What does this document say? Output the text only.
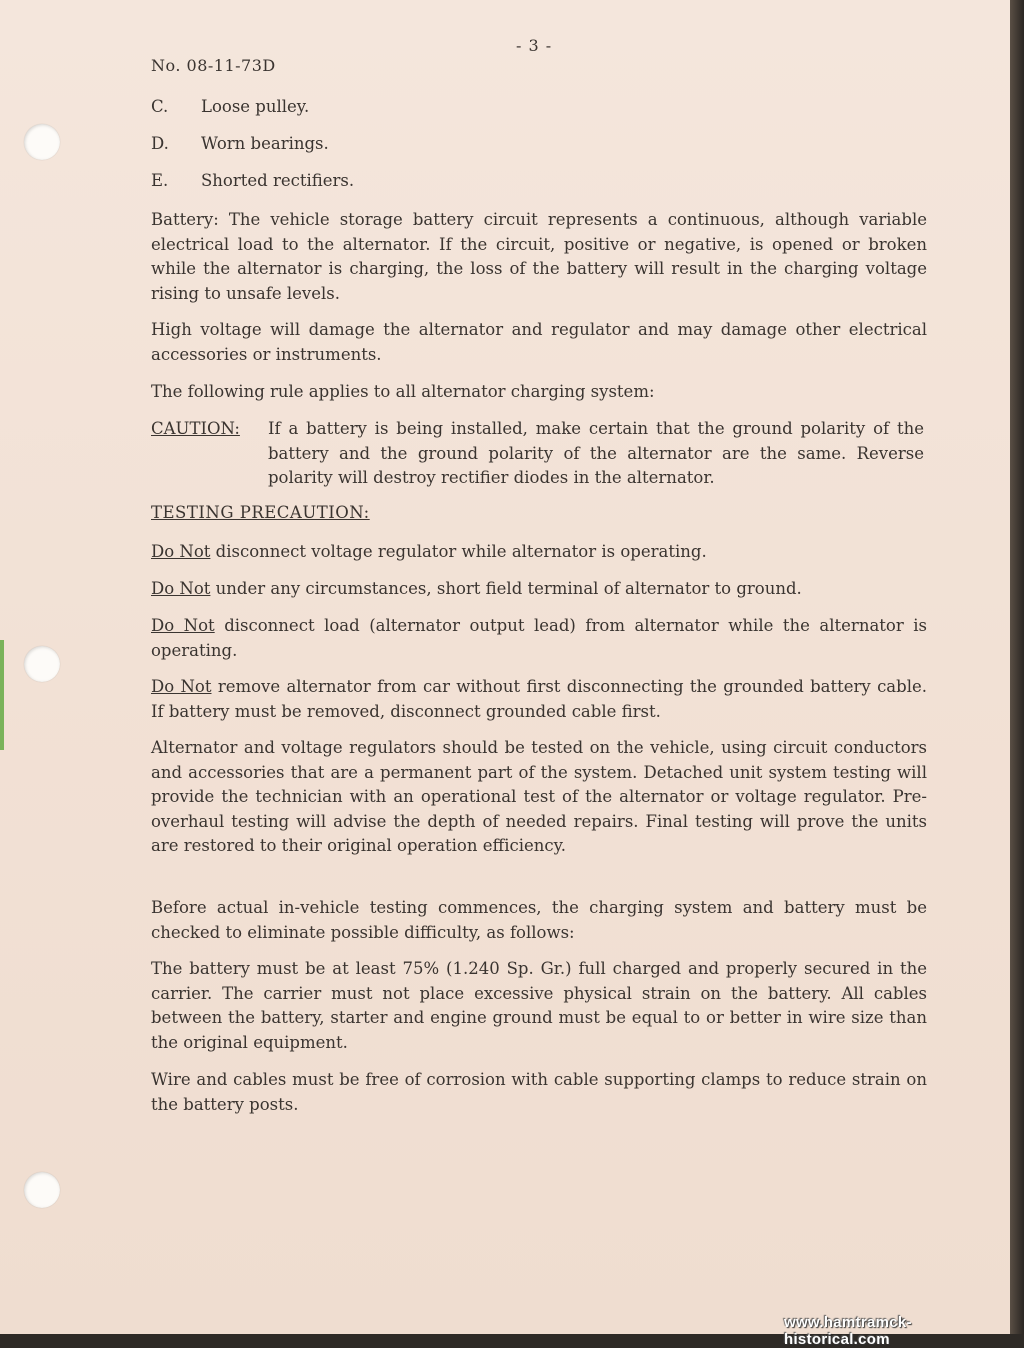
- 3 -
No. 08-11-73D
C. Loose pulley.
D. Worn bearings.
E. Shorted rectifiers.
Battery: The vehicle storage battery circuit represents a continuous, although variable electrical load to the alternator. If the circuit, positive or negative, is opened or broken while the alternator is charging, the loss of the battery will result in the charging voltage rising to unsafe levels.
High voltage will damage the alternator and regulator and may damage other electrical accessories or instruments.
The following rule applies to all alternator charging system:
CAUTION: If a battery is being installed, make certain that the ground polarity of the battery and the ground polarity of the alternator are the same. Reverse polarity will destroy rectifier diodes in the alternator.
TESTING PRECAUTION:
Do Not disconnect voltage regulator while alternator is operating.
Do Not under any circumstances, short field terminal of alternator to ground.
Do Not disconnect load (alternator output lead) from alternator while the alternator is operating.
Do Not remove alternator from car without first disconnecting the grounded battery cable. If battery must be removed, disconnect grounded cable first.
Alternator and voltage regulators should be tested on the vehicle, using circuit conductors and accessories that are a permanent part of the system. Detached unit system testing will provide the technician with an operational test of the alternator or voltage regulator. Pre-overhaul testing will advise the depth of needed repairs. Final testing will prove the units are restored to their original operation efficiency.
Before actual in-vehicle testing commences, the charging system and battery must be checked to eliminate possible difficulty, as follows:
The battery must be at least 75% (1.240 Sp. Gr.) full charged and properly secured in the carrier. The carrier must not place excessive physical strain on the battery. All cables between the battery, starter and engine ground must be equal to or better in wire size than the original equipment.
Wire and cables must be free of corrosion with cable supporting clamps to reduce strain on the battery posts.
www.hamtramck-historical.com
